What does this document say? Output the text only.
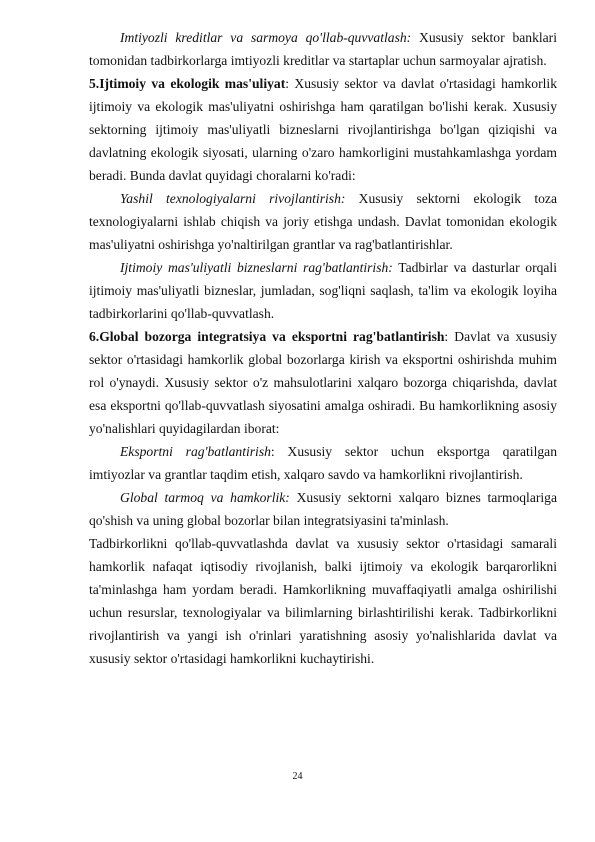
Imtiyozli kreditlar va sarmoya qo'llab-quvvatlash: Xususiy sektor banklari tomonidan tadbirkorlarga imtiyozli kreditlar va startaplar uchun sarmoyalar ajratish.

5.Ijtimoiy va ekologik mas'uliyat: Xususiy sektor va davlat o'rtasidagi hamkorlik ijtimoiy va ekologik mas'uliyatni oshirishga ham qaratilgan bo'lishi kerak. Xususiy sektorning ijtimoiy mas'uliyatli bizneslarni rivojlantirishga bo'lgan qiziqishi va davlatning ekologik siyosati, ularning o'zaro hamkorligini mustahkamlashga yordam beradi. Bunda davlat quyidagi choralarni ko'radi:

Yashil texnologiyalarni rivojlantirish: Xususiy sektorni ekologik toza texnologiyalarni ishlab chiqish va joriy etishga undash. Davlat tomonidan ekologik mas'uliyatni oshirishga yo'naltirilgan grantlar va rag'batlantirishlar.

Ijtimoiy mas'uliyatli bizneslarni rag'batlantirish: Tadbirlar va dasturlar orqali ijtimoiy mas'uliyatli bizneslar, jumladan, sog'liqni saqlash, ta'lim va ekologik loyiha tadbirkorlarini qo'llab-quvvatlash.

6.Global bozorga integratsiya va eksportni rag'batlantirish: Davlat va xususiy sektor o'rtasidagi hamkorlik global bozorlarga kirish va eksportni oshirishda muhim rol o'ynaydi. Xususiy sektor o'z mahsulotlarini xalqaro bozorga chiqarishda, davlat esa eksportni qo'llab-quvvatlash siyosatini amalga oshiradi. Bu hamkorlikning asosiy yo'nalishlari quyidagilardan iborat:

Eksportni rag'batlantirish: Xususiy sektor uchun eksportga qaratilgan imtiyozlar va grantlar taqdim etish, xalqaro savdo va hamkorlikni rivojlantirish.

Global tarmoq va hamkorlik: Xususiy sektorni xalqaro biznes tarmoqlariga qo'shish va uning global bozorlar bilan integratsiyasini ta'minlash.

Tadbirkorlikni qo'llab-quvvatlashda davlat va xususiy sektor o'rtasidagi samarali hamkorlik nafaqat iqtisodiy rivojlanish, balki ijtimoiy va ekologik barqarorlikni ta'minlashga ham yordam beradi. Hamkorlikning muvaffaqiyatli amalga oshirilishi uchun resurslar, texnologiyalar va bilimlarning birlashtirilishi kerak. Tadbirkorlikni rivojlantirish va yangi ish o'rinlari yaratishning asosiy yo'nalishlarida davlat va xususiy sektor o'rtasidagi hamkorlikni kuchaytirishi.

24
